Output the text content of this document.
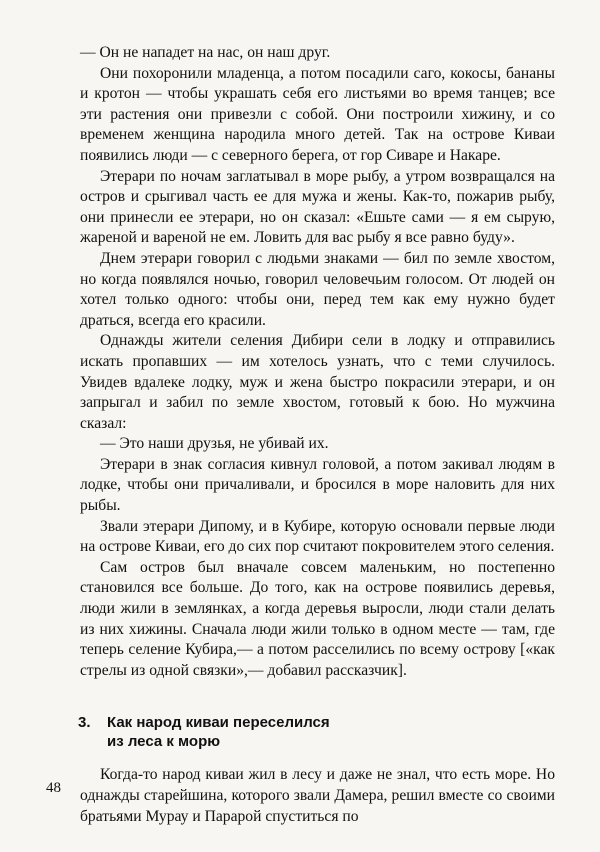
— Он не нападет на нас, он наш друг.

Они похоронили младенца, а потом посадили саго, кокосы, бананы и кротон — чтобы украшать себя его листьями во время танцев; все эти растения они привезли с собой. Они построили хижину, и со временем женщина народила много детей. Так на острове Киваи появились люди — с северного берега, от гор Сиваре и Накаре.

Этерари по ночам заглатывал в море рыбу, а утром возвращался на остров и срыгивал часть ее для мужа и жены. Как-то, пожарив рыбу, они принесли ее этерари, но он сказал: «Ешьте сами — я ем сырую, жареной и вареной не ем. Ловить для вас рыбу я все равно буду».

Днем этерари говорил с людьми знаками — бил по земле хвостом, но когда появлялся ночью, говорил человечьим голосом. От людей он хотел только одного: чтобы они, перед тем как ему нужно будет драться, всегда его красили.

Однажды жители селения Дибири сели в лодку и отправились искать пропавших — им хотелось узнать, что с теми случилось. Увидев вдалеке лодку, муж и жена быстро покрасили этерари, и он запрыгал и забил по земле хвостом, готовый к бою. Но мужчина сказал:

— Это наши друзья, не убивай их.

Этерари в знак согласия кивнул головой, а потом закивал людям в лодке, чтобы они причаливали, и бросился в море наловить для них рыбы.

Звали этерари Дипому, и в Кубире, которую основали первые люди на острове Киваи, его до сих пор считают покровителем этого селения.

Сам остров был вначале совсем маленьким, но постепенно становился все больше. До того, как на острове появились деревья, люди жили в землянках, а когда деревья выросли, люди стали делать из них хижины. Сначала люди жили только в одном месте — там, где теперь селение Кубира,— а потом расселились по всему острову [«как стрелы из одной связки»,— добавил рассказчик].

3. Как народ киваи переселился
из леса к морю

Когда-то народ киваи жил в лесу и даже не знал, что есть море. Но однажды старейшина, которого звали Дамера, решил вместе со своими братьями Мурау и Парарой спуститься по

48
